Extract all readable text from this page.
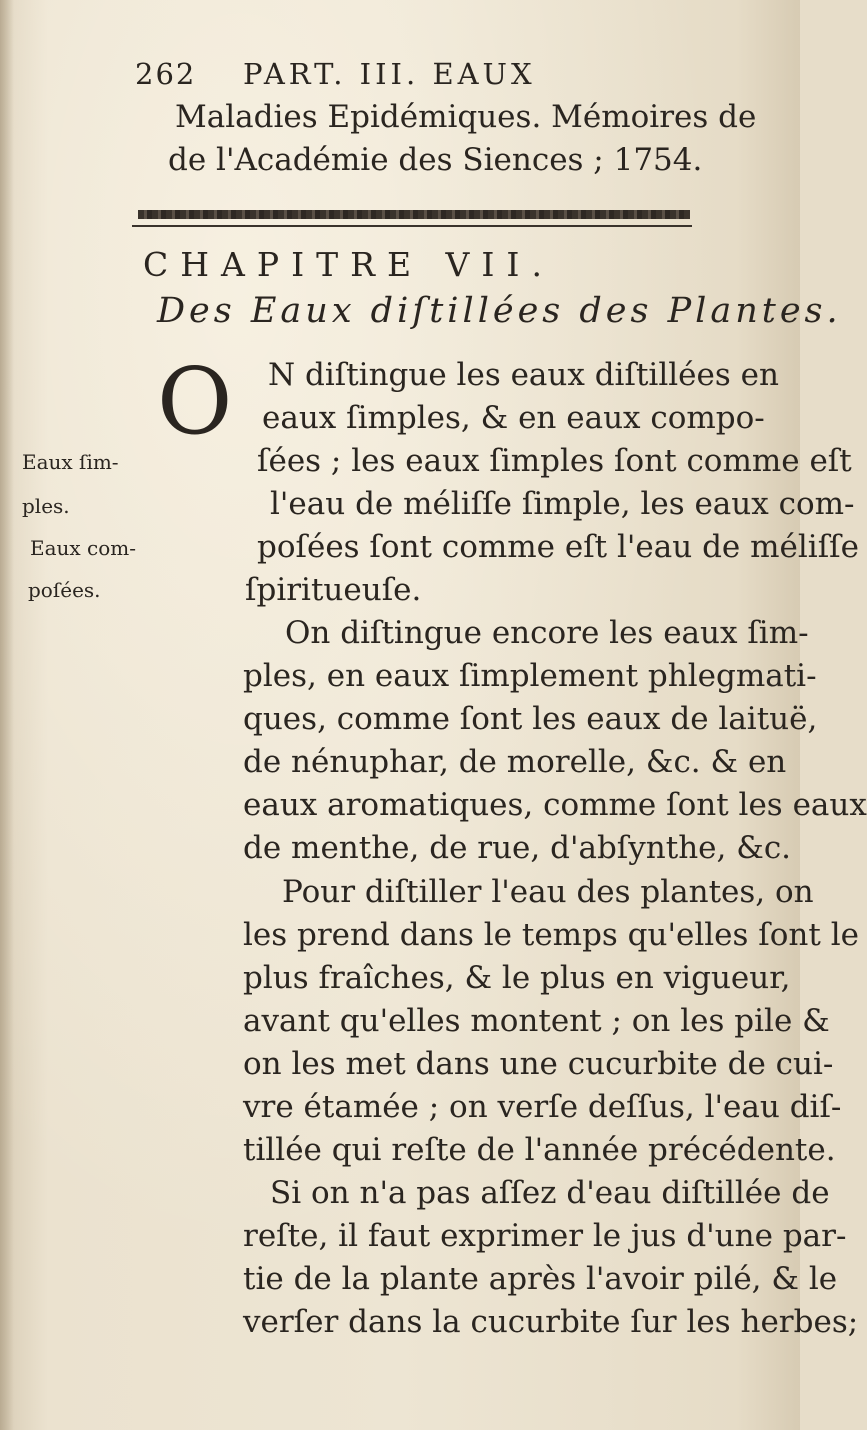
262 PART. III. EAUX
Maladies Epidémiques. Mémoires de
de l'Académie des Siences ; 1754.
CHAPITRE VII.
Des Eaux diſtillées des Plantes.
O N diſtingue les eaux diſtillées en
eaux ſimples, & en eaux compo-
ſées ; les eaux ſimples ſont comme eſt
l'eau de méliſſe ſimple, les eaux com-
poſées ſont comme eſt l'eau de méliſſe
ſpiritueuſe.
On diſtingue encore les eaux ſim-
ples, en eaux ſimplement phlegmati-
ques, comme ſont les eaux de laituë,
de nénuphar, de morelle, &c. & en
eaux aromatiques, comme ſont les eaux
de menthe, de rue, d'abſynthe, &c.
Pour diſtiller l'eau des plantes, on
les prend dans le temps qu'elles ſont le
plus fraîches, & le plus en vigueur,
avant qu'elles montent ; on les pile &
on les met dans une cucurbite de cui-
vre étamée ; on verſe deſſus, l'eau diſ-
tillée qui reſte de l'année précédente.
Si on n'a pas aſſez d'eau diſtillée de
reſte, il faut exprimer le jus d'une par-
tie de la plante après l'avoir pilé, & le
verſer dans la cucurbite ſur les herbes;
Eaux ſim-
ples.
Eaux com-
poſées.
